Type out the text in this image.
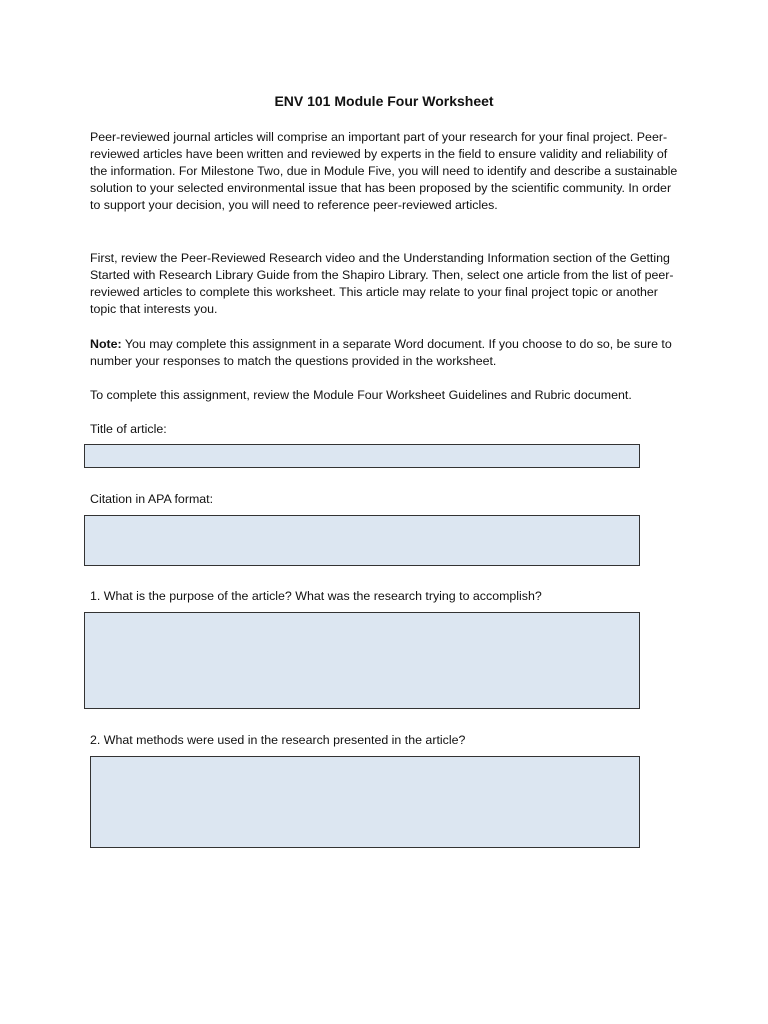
ENV 101 Module Four Worksheet

Peer-reviewed journal articles will comprise an important part of your research for your final project. Peer-reviewed articles have been written and reviewed by experts in the field to ensure validity and reliability of the information. For Milestone Two, due in Module Five, you will need to identify and describe a sustainable solution to your selected environmental issue that has been proposed by the scientific community. In order to support your decision, you will need to reference peer-reviewed articles.

First, review the Peer-Reviewed Research video and the Understanding Information section of the Getting Started with Research Library Guide from the Shapiro Library. Then, select one article from the list of peer-reviewed articles to complete this worksheet. This article may relate to your final project topic or another topic that interests you.

Note: You may complete this assignment in a separate Word document. If you choose to do so, be sure to number your responses to match the questions provided in the worksheet.

To complete this assignment, review the Module Four Worksheet Guidelines and Rubric document.

Title of article:

Citation in APA format:

1. What is the purpose of the article? What was the research trying to accomplish?

2. What methods were used in the research presented in the article?
